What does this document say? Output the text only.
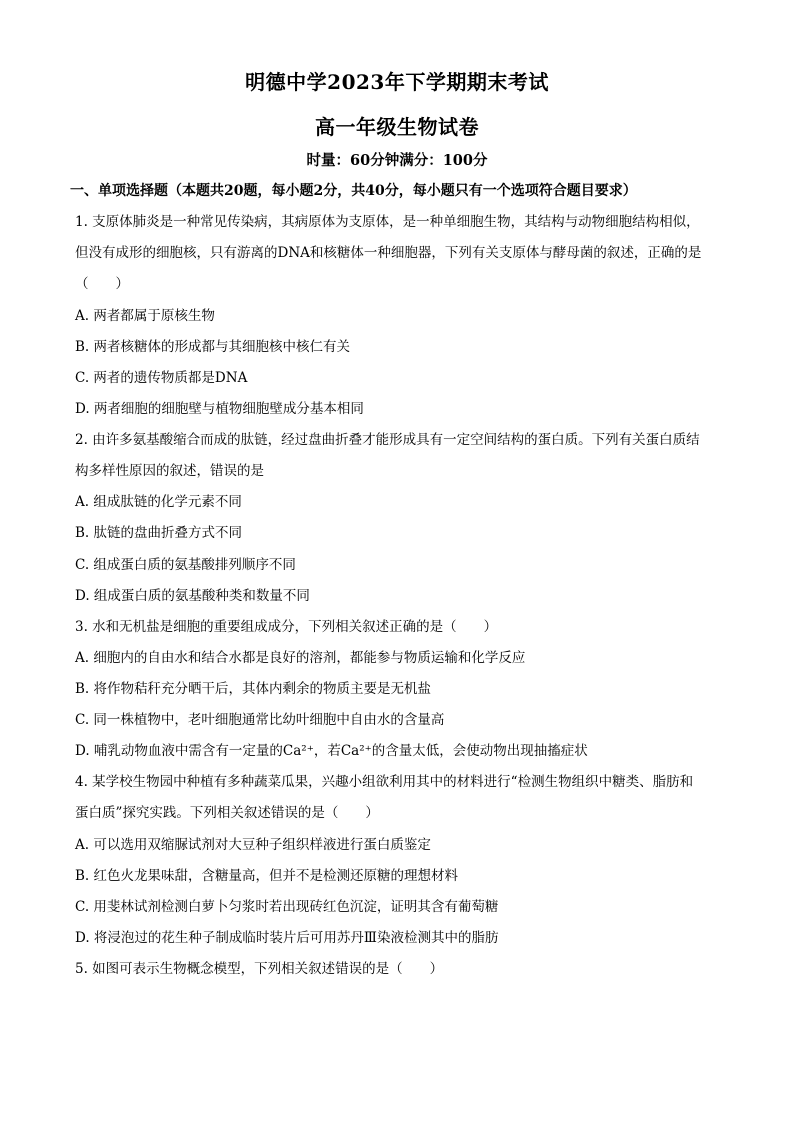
明德中学2023年下学期期末考试
高一年级生物试卷
时量：60分钟满分：100分
一、单项选择题（本题共20题，每小题2分，共40分，每小题只有一个选项符合题目要求）
1. 支原体肺炎是一种常见传染病，其病原体为支原体，是一种单细胞生物，其结构与动物细胞结构相似，
但没有成形的细胞核，只有游离的DNA和核糖体一种细胞器，下列有关支原体与酵母菌的叙述，正确的是
（　　）
A. 两者都属于原核生物
B. 两者核糖体的形成都与其细胞核中核仁有关
C. 两者的遗传物质都是DNA
D. 两者细胞的细胞壁与植物细胞壁成分基本相同
2. 由许多氨基酸缩合而成的肽链，经过盘曲折叠才能形成具有一定空间结构的蛋白质。下列有关蛋白质结
构多样性原因的叙述，错误的是
A. 组成肽链的化学元素不同
B. 肽链的盘曲折叠方式不同
C. 组成蛋白质的氨基酸排列顺序不同
D. 组成蛋白质的氨基酸种类和数量不同
3. 水和无机盐是细胞的重要组成成分，下列相关叙述正确的是（　　）
A. 细胞内的自由水和结合水都是良好的溶剂，都能参与物质运输和化学反应
B. 将作物秸秆充分晒干后，其体内剩余的物质主要是无机盐
C. 同一株植物中，老叶细胞通常比幼叶细胞中自由水的含量高
D. 哺乳动物血液中需含有一定量的Ca²⁺，若Ca²⁺的含量太低，会使动物出现抽搐症状
4. 某学校生物园中种植有多种蔬菜瓜果，兴趣小组欲利用其中的材料进行“检测生物组织中糖类、脂肪和
蛋白质”探究实践。下列相关叙述错误的是（　　）
A. 可以选用双缩脲试剂对大豆种子组织样液进行蛋白质鉴定
B. 红色火龙果味甜，含糖量高，但并不是检测还原糖的理想材料
C. 用斐林试剂检测白萝卜匀浆时若出现砖红色沉淀，证明其含有葡萄糖
D. 将浸泡过的花生种子制成临时装片后可用苏丹Ⅲ染液检测其中的脂肪
5. 如图可表示生物概念模型，下列相关叙述错误的是（　　）
